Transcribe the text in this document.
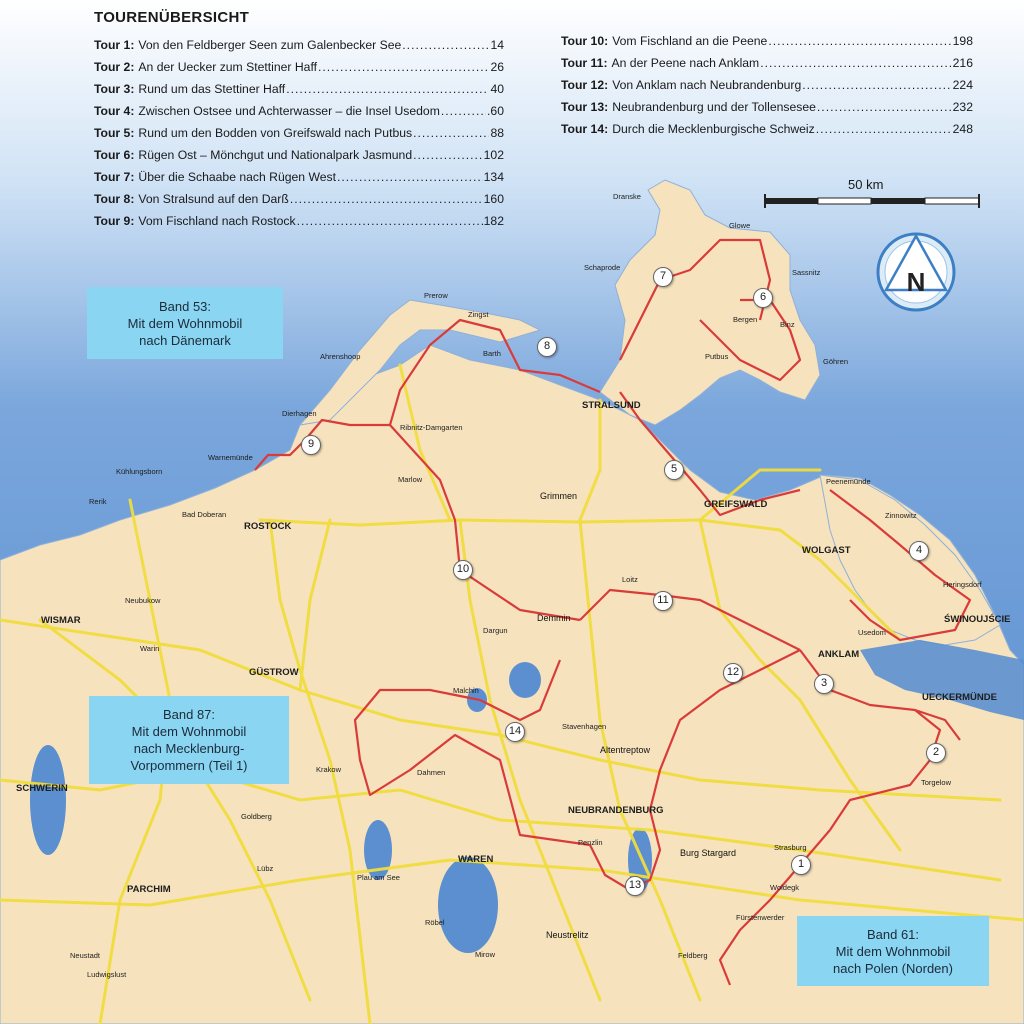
N
TOURENÜBERSICHT
Tour 1: Von den Feldberger Seen zum Galenbecker See .....	14
Tour 2: An der Uecker zum Stettiner Haff .....	26
Tour 3: Rund um das Stettiner Haff .....	40
Tour 4: Zwischen Ostsee und Achterwasser – die Insel Usedom .....	.60
Tour 5: Rund um den Bodden von Greifswald nach Putbus .....	88
Tour 6: Rügen Ost – Mönchgut und Nationalpark Jasmund .....	102
Tour 7: Über die Schaabe nach Rügen West .....	134
Tour 8: Von Stralsund auf den Darß .....	160
Tour 9: Vom Fischland nach Rostock .....	182
Tour 10: Vom Fischland an die Peene .....	198
Tour 11: An der Peene nach Anklam .....	216
Tour 12: Von Anklam nach Neubrandenburg .....	224
Tour 13: Neubrandenburg und der Tollensesee .....	232
Tour 14: Durch die Mecklenburgische Schweiz .....	248
Band 53:
Mit dem Wohnmobil
nach Dänemark
Band 87:
Mit dem Wohnmobil
nach Mecklenburg-
Vorpommern (Teil 1)
Band 61:
Mit dem Wohnmobil
nach Polen (Norden)
50 km
1
2
3
4
5
6
7
8
9
10
11
12
13
14
ROSTOCK
STRALSUND
GREIFSWALD
WOLGAST
ANKLAM
ŚWINOUJŚCIE
UECKERMÜNDE
NEUBRANDENBURG
WAREN
PARCHIM
GÜSTROW
WISMAR
SCHWERIN
Grimmen
Demmin
Altentreptow
Burg Stargard
Neustrelitz
Stavenhagen
Dranske
Glowe
Sassnitz
Schaprode
Bergen
Binz
Putbus
Göhren
Prerow
Zingst
Barth
Ahrenshoop
Dierhagen
Ribnitz-Damgarten
Warnemünde
Kühlungsborn
Rerik
Bad Doberan
Marlow
Neubukow
Warin
Dargun
Loitz
Peenemünde
Zinnowitz
Heringsdorf
Usedom
Torgelow
Strasburg
Woldegk
Fürstenwerder
Feldberg
Penzlin
Malchin
Dahmen
Krakow
Goldberg
Lübz
Plau am See
Röbel
Mirow
Neustadt
Ludwigslust
